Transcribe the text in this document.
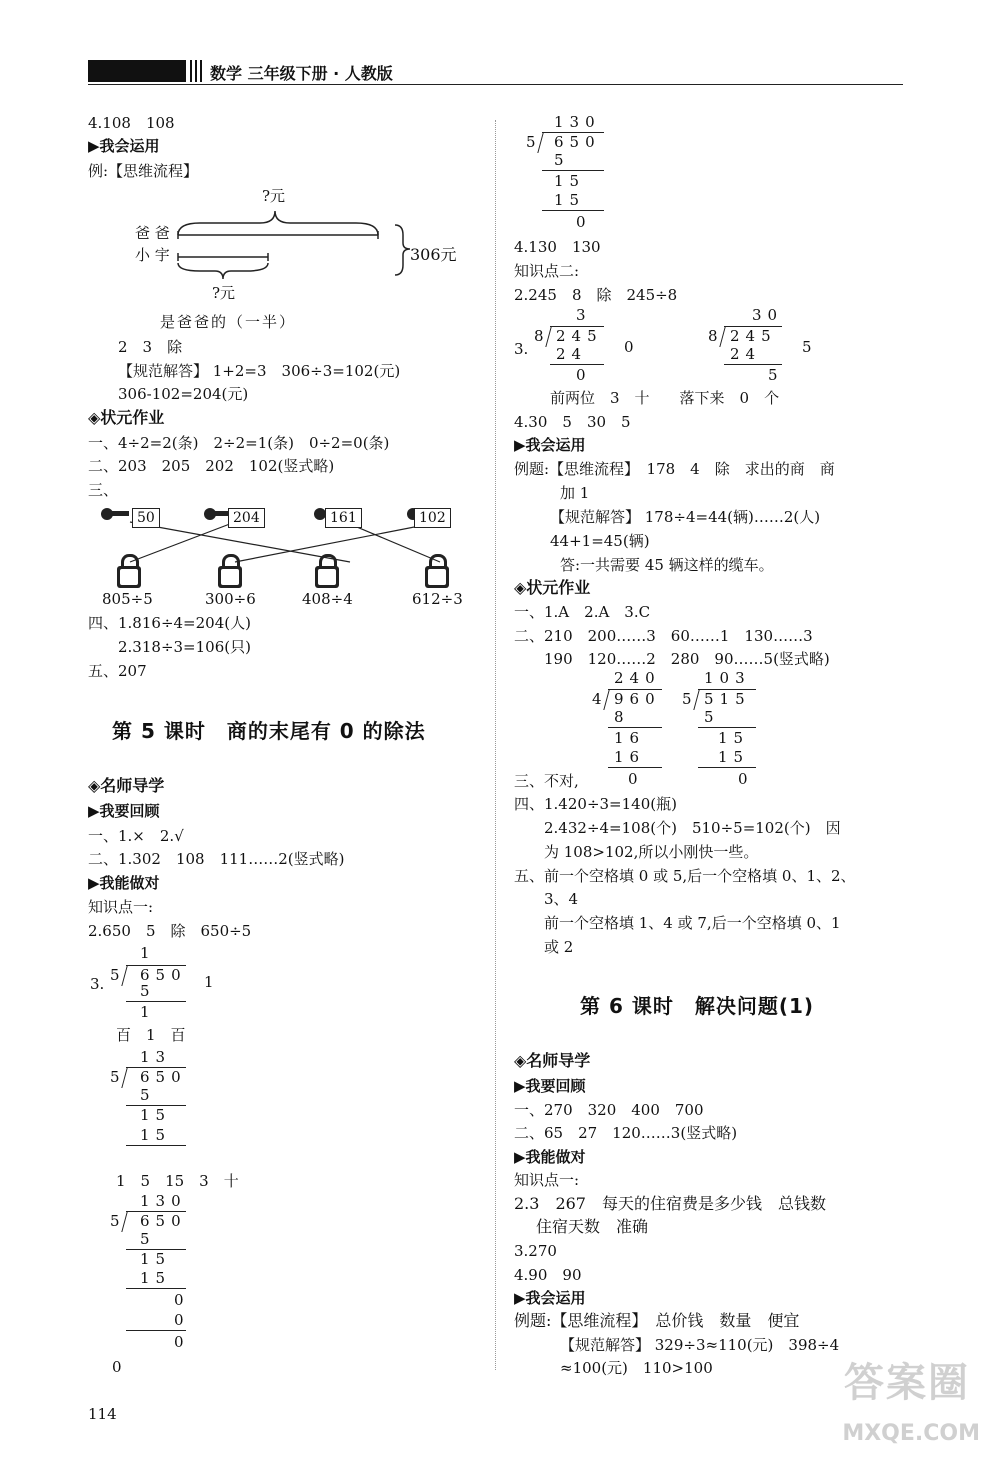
数学 三年级下册 · 人教版
4.108　108
▶我会运用
例:【思维流程】
?元
爸 爸
小 宇	306元
?元
是爸爸的（一半）
2　3　除
【规范解答】 1+2=3　306÷3=102(元)
306-102=204(元)
◈状元作业
一、4÷2=2(条)　2÷2=1(条)　0÷2=0(条)
二、203　205　202　102(竖式略)
三、
50	204	161	102
805÷5	300÷6	408÷4	612÷3
四、1.816÷4=204(人)
2.318÷3=106(只)
五、207
第 5 课时　商的末尾有 0 的除法
◈名师导学
▶我要回顾
一、1.×　2.√
二、1.302　108　111……2(竖式略)
▶我能做对
知识点一:
2.650　5　除　650÷5
3.
1
5 650 1
5
1
百　1　百
13
5 650
5
15
15
1　5　15　3　十
130
5 650
5
15
15
0
0
0
0
114
130
5 650
5
15
15
0
4.130　130
知识点二:
2.245　8　除　245÷8
3.
3
8 245
24
0
0
30
8 245
24
5
5
前两位　3　十　　落下来　0　个
4.30　5　30　5
▶我会运用
例题:【思维流程】　178　4　除　求出的商　商
加 1
【规范解答】 178÷4=44(辆)……2(人)
44+1=45(辆)
答:一共需要 45 辆这样的缆车。
◈状元作业
一、1.A　2.A　3.C
二、210　200……3　60……1　130……3
190　120……2　280　90……5(竖式略)
240
4 960
8
16
16
0
103
5 515
5
15
15
0
三、不对,
四、1.420÷3=140(瓶)
2.432÷4=108(个)　510÷5=102(个)　因
为 108>102,所以小刚快一些。
五、前一个空格填 0 或 5,后一个空格填 0、1、2、
3、4
前一个空格填 1、4 或 7,后一个空格填 0、1
或 2
第 6 课时　解决问题(1)
◈名师导学
▶我要回顾
一、270　320　400　700
二、65　27　120……3(竖式略)
▶我能做对
知识点一:
2.3　267　每天的住宿费是多少钱　总钱数
住宿天数　准确
3.270
4.90　90
▶我会运用
例题:【思维流程】　总价钱　数量　便宜
【规范解答】 329÷3≈110(元)　398÷4
≈100(元)　110>100	答案圈
MXQE.COM
